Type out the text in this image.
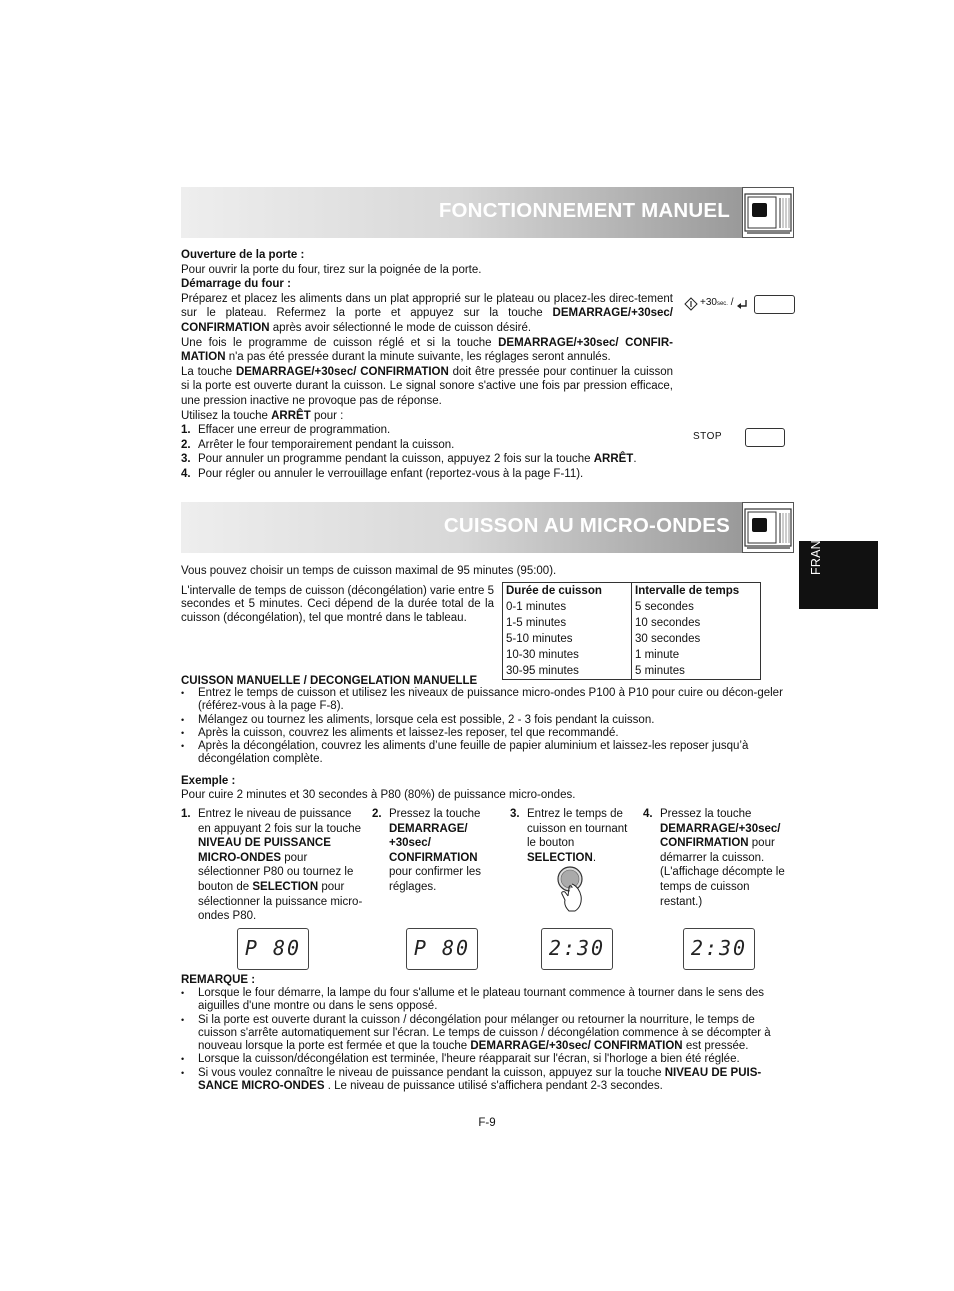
FONCTIONNEMENT MANUEL

Ouverture de la porte :

Pour ouvrir la porte du four, tirez sur la poignée de la porte.

Démarrage du four :

Préparez et placez les aliments dans un plat approprié sur le plateau ou placez-les direc-tement sur le plateau. Refermez la porte et appuyez sur la touche DEMARRAGE/+30sec/ CONFIRMATION après avoir sélectionné le mode de cuisson désiré.

Une fois le programme de cuisson réglé et si la touche DEMARRAGE/+30sec/ CONFIR-MATION n'a pas été pressée durant la minute suivante, les réglages seront annulés.

La touche DEMARRAGE/+30sec/ CONFIRMATION doit être pressée pour continuer la cuisson si la porte est ouverte durant la cuisson. Le signal sonore s'active une fois par pression efficace, une pression inactive ne provoque pas de réponse.

Utilisez la touche ARRÊT pour :

1. Effacer une erreur de programmation.
2. Arrêter le four temporairement pendant la cuisson.
3. Pour annuler un programme pendant la cuisson, appuyez 2 fois sur la touche ARRÊT.
4. Pour régler ou annuler le verrouillage enfant (reportez-vous à la page F-11).
+30sec. /
STOP
CUISSON AU MICRO-ONDES	FRANÇAIS
Vous pouvez choisir un temps de cuisson maximal de 95 minutes (95:00).
L'intervalle de temps de cuisson (décongélation) varie entre 5 secondes et 5 minutes. Ceci dépend de la durée total de la cuisson (décongélation), tel que montré dans le tableau.
Durée de cuisson	Intervalle de temps
0-1 minutes	5 secondes
1-5 minutes	10 secondes
5-10 minutes	30 secondes
10-30 minutes	1 minute
30-95 minutes	5 minutes
CUISSON MANUELLE / DECONGELATION MANUELLE
• Entrez le temps de cuisson et utilisez les niveaux de puissance micro-ondes P100 à P10 pour cuire ou décon-geler (référez-vous à la page F-8).
• Mélangez ou tournez les aliments, lorsque cela est possible, 2 - 3 fois pendant la cuisson.
• Après la cuisson, couvrez les aliments et laissez-les reposer, tel que recommandé.
• Après la décongélation, couvrez les aliments d’une feuille de papier aluminium et laissez-les reposer jusqu’à décongélation complète.
Exemple :
Pour cuire 2 minutes et 30 secondes à P80 (80%) de puissance micro-ondes.
1. Entrez le niveau de puissance en appuyant 2 fois sur la touche NIVEAU DE PUISSANCE MICRO-ONDES pour sélectionner P80 ou tournez le bouton de SELECTION pour sélectionner la puissance micro-ondes P80.
2. Pressez la touche DEMARRAGE/ +30sec/ CONFIRMATION pour confirmer les réglages.
3. Entrez le temps de cuisson en tournant le bouton SELECTION.
4. Pressez la touche DEMARRAGE/+30sec/ CONFIRMATION pour démarrer la cuisson. (L'affichage décompte le temps de cuisson restant.)
P 80	P 80	2:30	2:30
REMARQUE :
• Lorsque le four démarre, la lampe du four s'allume et le plateau tournant commence à tourner dans le sens des aiguilles d'une montre ou dans le sens opposé.
• Si la porte est ouverte durant la cuisson / décongélation pour mélanger ou retourner la nourriture, le temps de cuisson s'arrête automatiquement sur l'écran. Le temps de cuisson / décongélation commence à se décompter à nouveau lorsque la porte est fermée et que la touche DEMARRAGE/+30sec/ CONFIRMATION est pressée.
• Lorsque la cuisson/décongélation est terminée, l'heure réapparait sur l'écran, si l'horloge a bien été réglée.
• Si vous voulez connaître le niveau de puissance pendant la cuisson, appuyez sur la touche NIVEAU DE PUIS-SANCE MICRO-ONDES . Le niveau de puissance utilisé s'affichera pendant 2-3 secondes.
F-9
